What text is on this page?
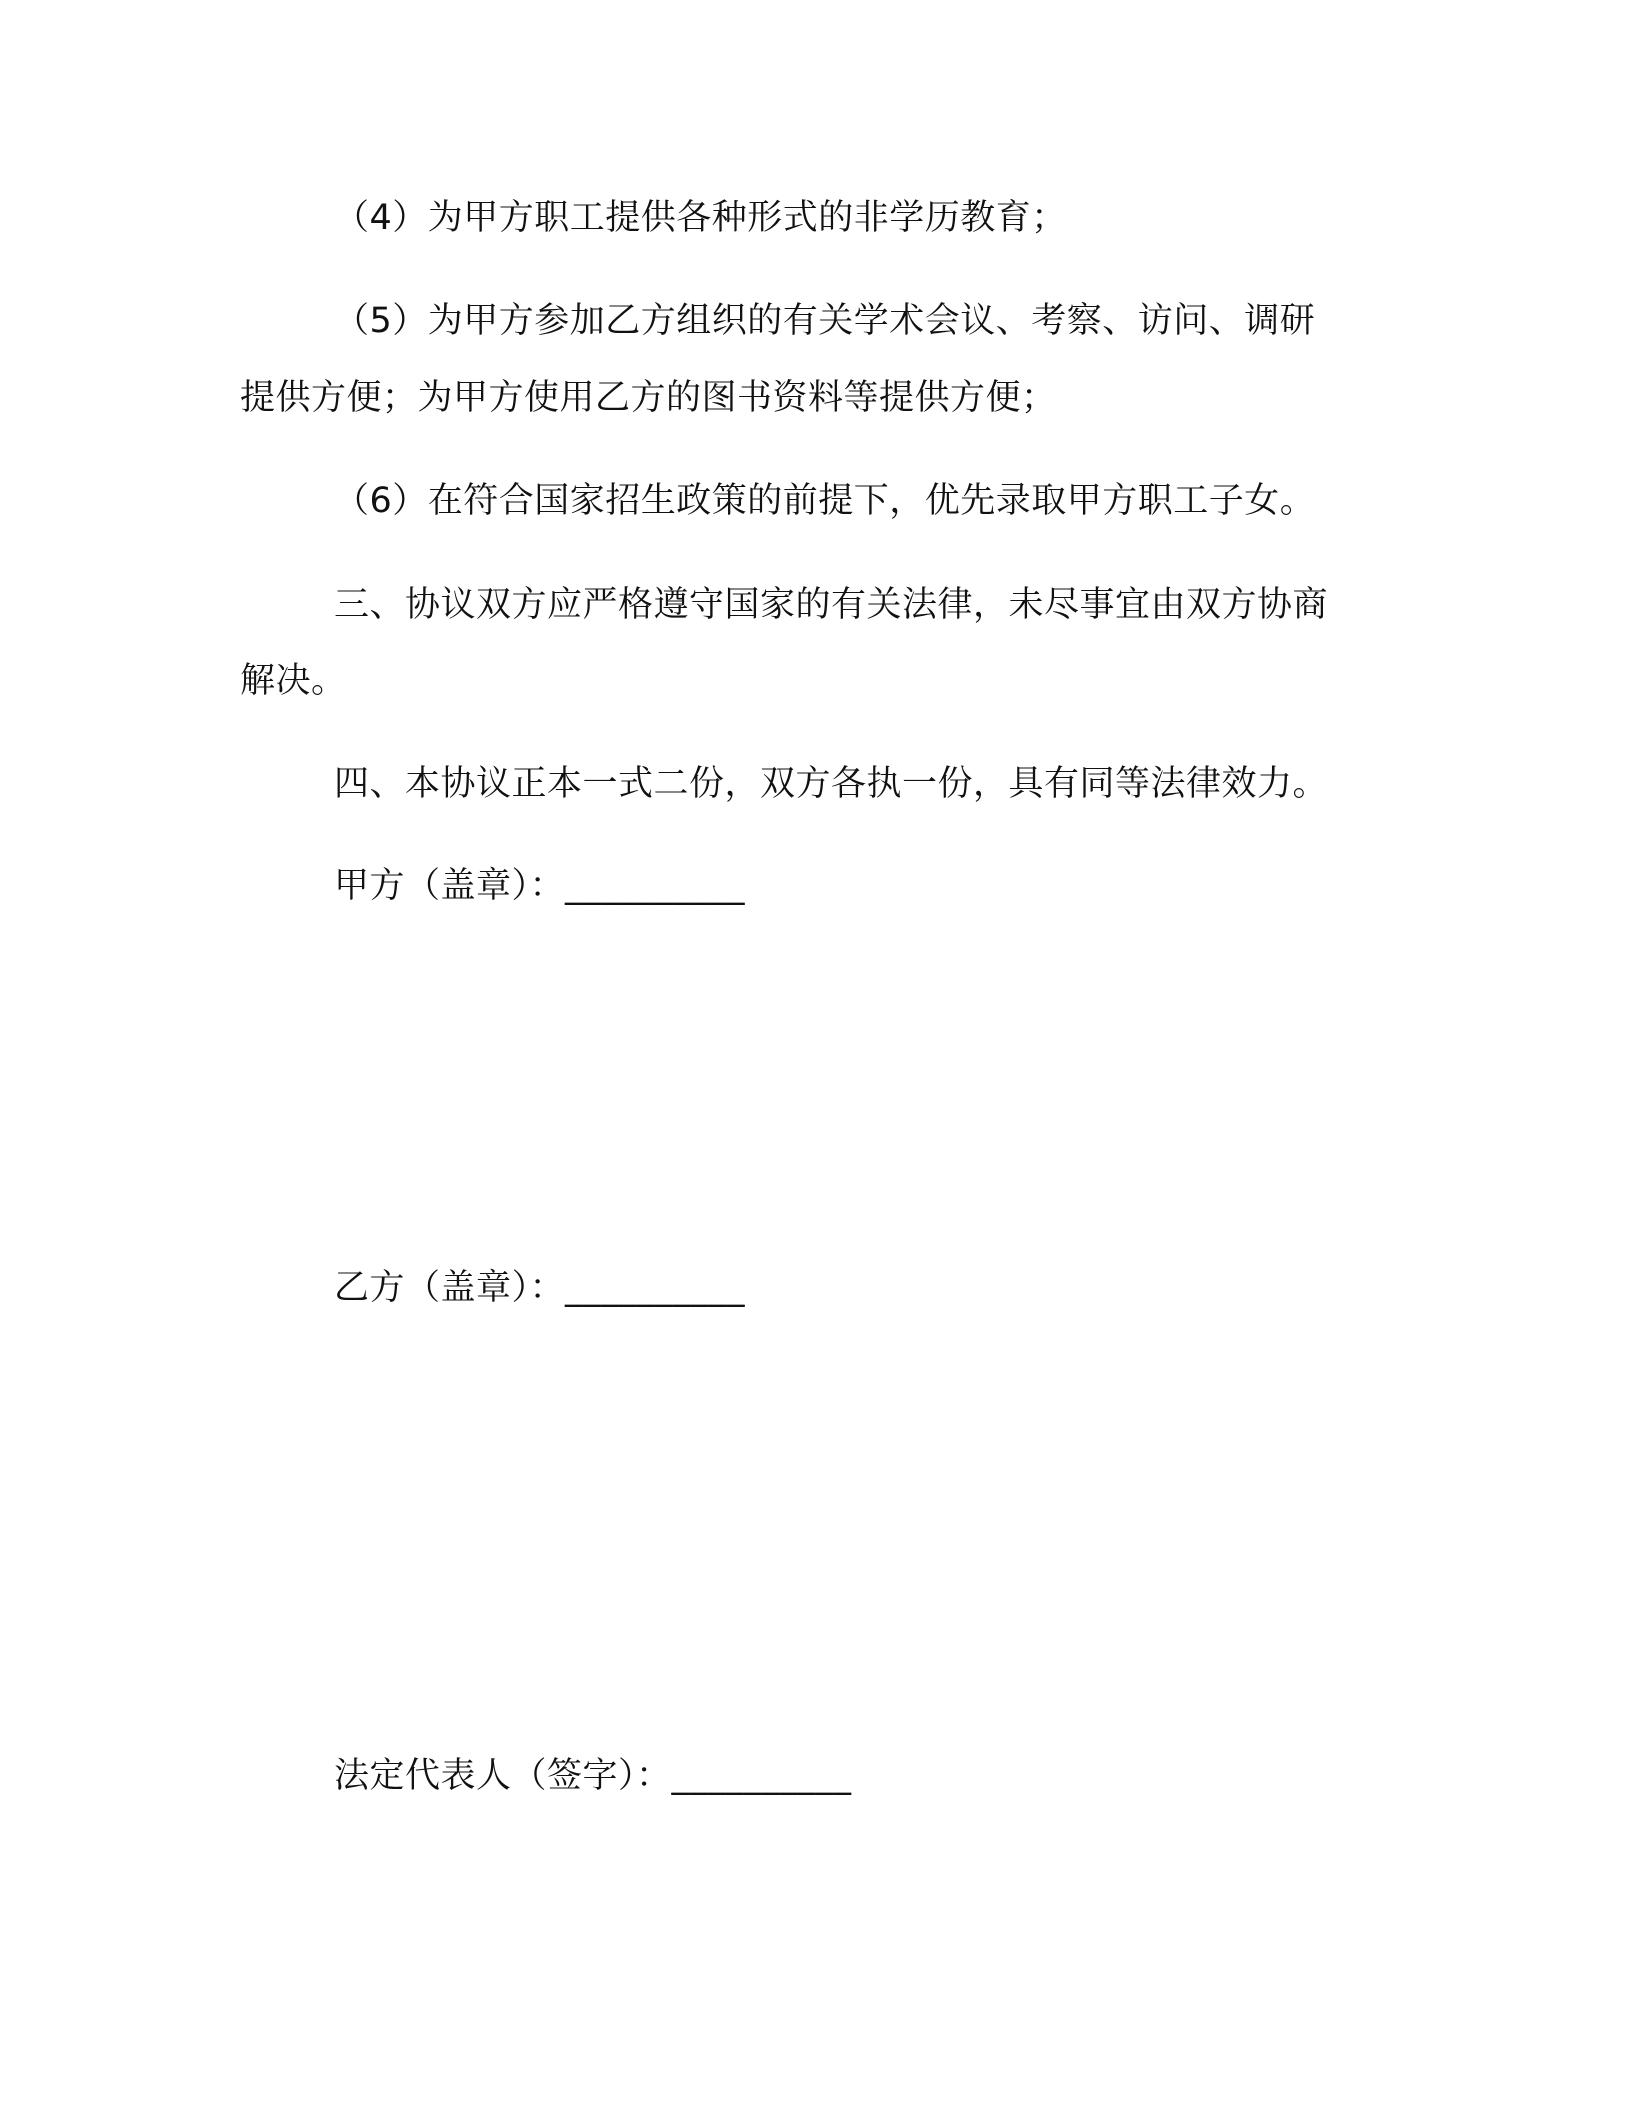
（4）为甲方职工提供各种形式的非学历教育；
（5）为甲方参加乙方组织的有关学术会议、考察、访问、调研
提供方便；为甲方使用乙方的图书资料等提供方便；
（6）在符合国家招生政策的前提下，优先录取甲方职工子女。
三、协议双方应严格遵守国家的有关法律，未尽事宜由双方协商
解决。
四、本协议正本一式二份，双方各执一份，具有同等法律效力。
甲方（盖章）：__________
乙方（盖章）：__________
法定代表人（签字）：__________
